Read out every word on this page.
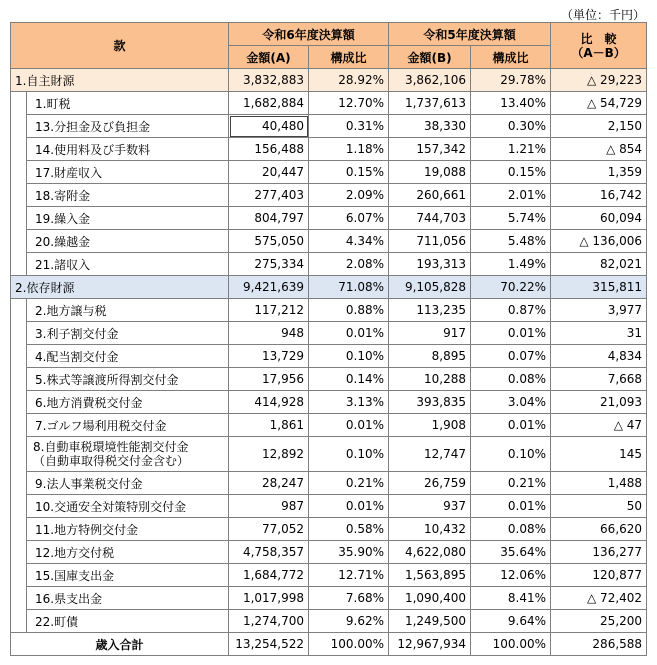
（単位：千円）
款		令和6年度決算額		令和5年度決算額		比　較
（A－B）

		金額(A)	構成比	金額(B)	構成比	
1.自主財源		3,832,883	28.92%	3,862,106	29.78%	△ 29,223
	1.町税	1,682,884	12.70%	1,737,613	13.40%	△ 54,729
	13.分担金及び負担金	40,480	0.31%	38,330	0.30%	2,150
	14.使用料及び手数料	156,488	1.18%	157,342	1.21%	△ 854
	17.財産収入	20,447	0.15%	19,088	0.15%	1,359
	18.寄附金	277,403	2.09%	260,661	2.01%	16,742
	19.繰入金	804,797	6.07%	744,703	5.74%	60,094
	20.繰越金	575,050	4.34%	711,056	5.48%	△ 136,006
	21.諸収入	275,334	2.08%	193,313	1.49%	82,021
2.依存財源		9,421,639	71.08%	9,105,828	70.22%	315,811
	2.地方譲与税	117,212	0.88%	113,235	0.87%	3,977
	3.利子割交付金	948	0.01%	917	0.01%	31
	4.配当割交付金	13,729	0.10%	8,895	0.07%	4,834
	5.株式等譲渡所得割交付金	17,956	0.14%	10,288	0.08%	7,668
	6.地方消費税交付金	414,928	3.13%	393,835	3.04%	21,093
	7.ゴルフ場利用税交付金	1,861	0.01%	1,908	0.01%	△ 47

	8.自動車税環境性能割交付金
（自動車取得税交付金含む）	12,892	0.10%	12,747	0.10%	145
	9.法人事業税交付金	28,247	0.21%	26,759	0.21%	1,488
	10.交通安全対策特別交付金	987	0.01%	937	0.01%	50
	11.地方特例交付金	77,052	0.58%	10,432	0.08%	66,620
	12.地方交付税	4,758,357	35.90%	4,622,080	35.64%	136,277
	15.国庫支出金	1,684,772	12.71%	1,563,895	12.06%	120,877
	16.県支出金	1,017,998	7.68%	1,090,400	8.41%	△ 72,402
	22.町債	1,274,700	9.62%	1,249,500	9.64%	25,200
歳入合計		13,254,522	100.00%	12,967,934	100.00%	286,588
